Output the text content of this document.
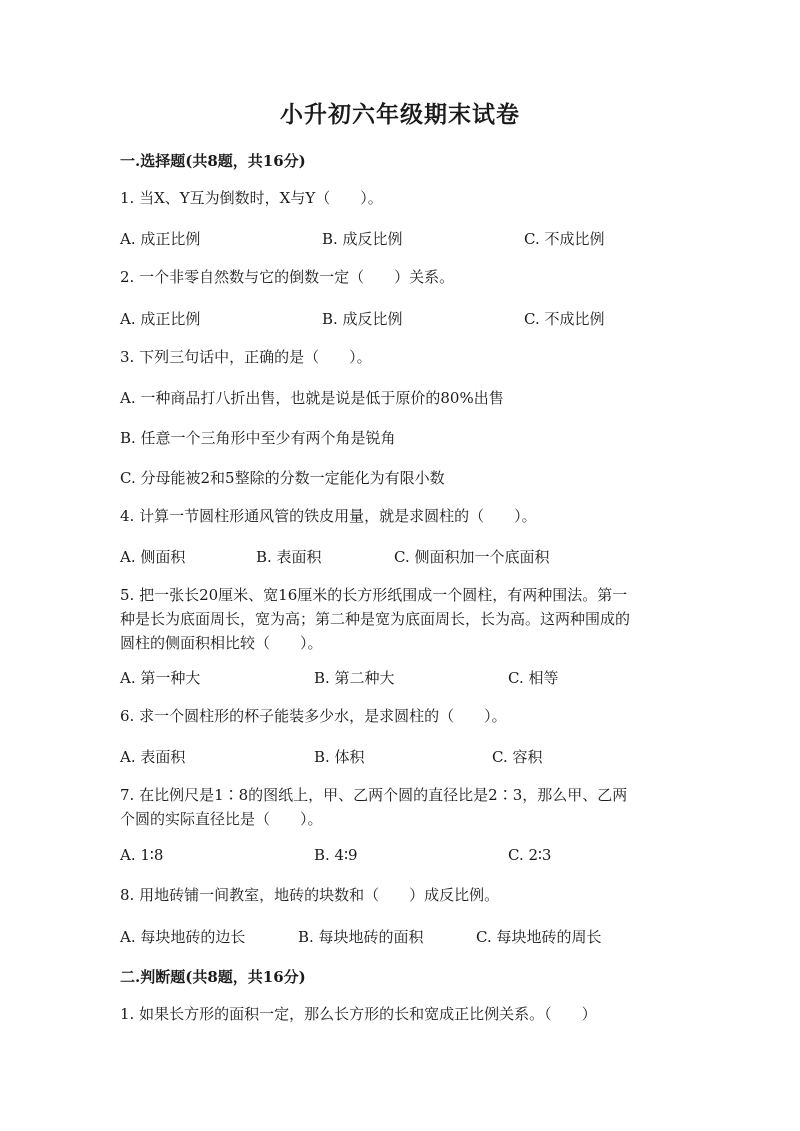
小升初六年级期末试卷
一.选择题(共8题，共16分)
1. 当X、Y互为倒数时，X与Y（　　）。
A. 成正比例	B. 成反比例	C. 不成比例
2. 一个非零自然数与它的倒数一定（　　）关系。
A. 成正比例	B. 成反比例	C. 不成比例
3. 下列三句话中，正确的是（　　）。
A. 一种商品打八折出售，也就是说是低于原价的80%出售
B. 任意一个三角形中至少有两个角是锐角
C. 分母能被2和5整除的分数一定能化为有限小数
4. 计算一节圆柱形通风管的铁皮用量，就是求圆柱的（　　）。
A. 侧面积	B. 表面积	C. 侧面积加一个底面积
5. 把一张长20厘米、宽16厘米的长方形纸围成一个圆柱，有两种围法。第一
种是长为底面周长，宽为高；第二种是宽为底面周长，长为高。这两种围成的
圆柱的侧面积相比较（　　）。
A. 第一种大	B. 第二种大	C. 相等
6. 求一个圆柱形的杯子能装多少水，是求圆柱的（　　）。
A. 表面积	B. 体积	C. 容积
7. 在比例尺是1∶8的图纸上，甲、乙两个圆的直径比是2∶3，那么甲、乙两
个圆的实际直径比是（　　）。
A. 1∶8	B. 4∶9	C. 2∶3
8. 用地砖铺一间教室，地砖的块数和（　　）成反比例。
A. 每块地砖的边长	B. 每块地砖的面积	C. 每块地砖的周长
二.判断题(共8题，共16分)
1. 如果长方形的面积一定，那么长方形的长和宽成正比例关系。（　　）
